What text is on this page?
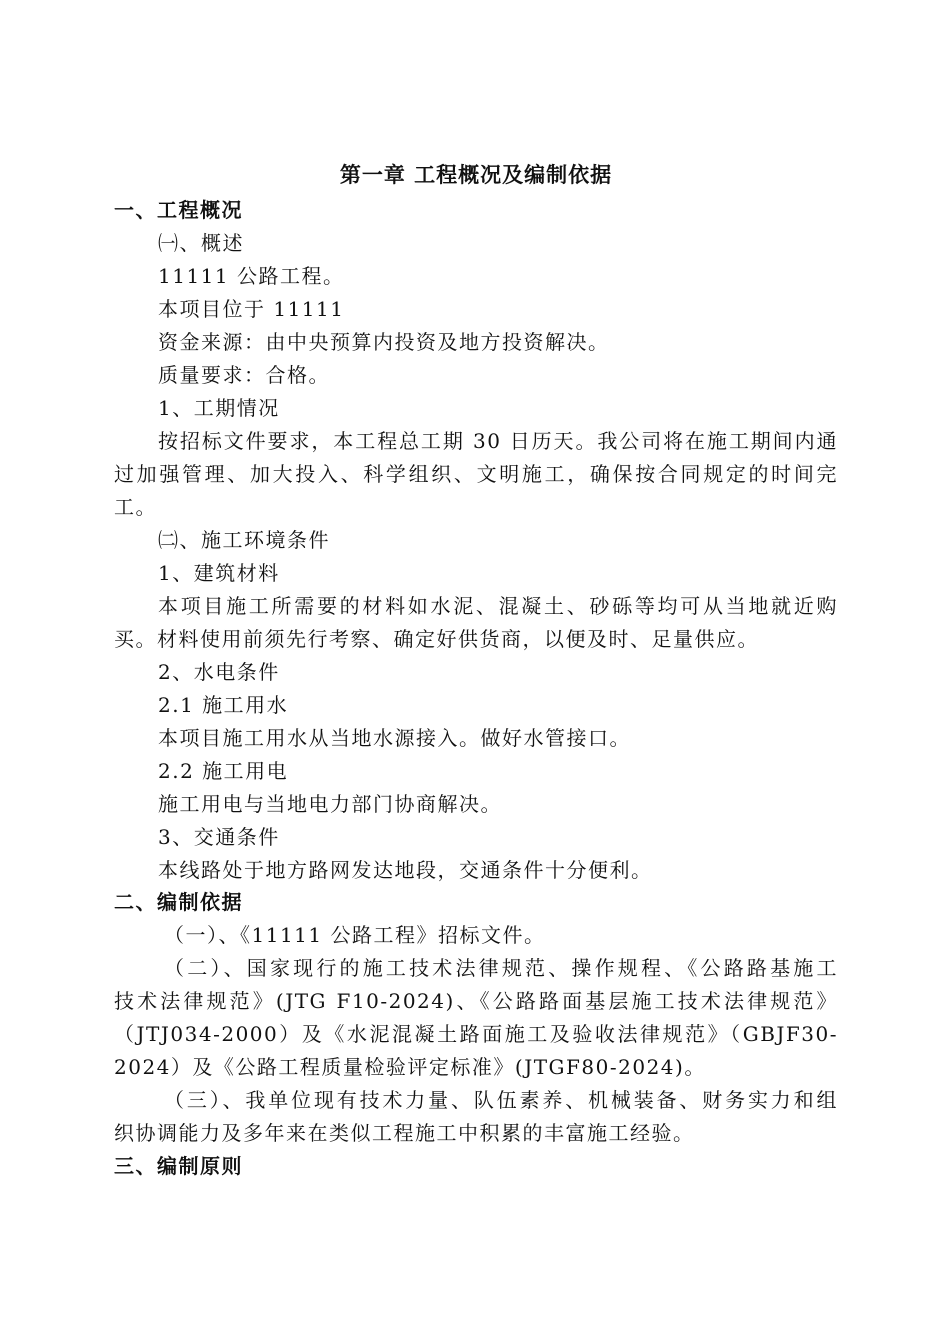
第一章 工程概况及编制依据
一、工程概况
㈠、概述
11111 公路工程。
本项目位于 11111
资金来源：由中央预算内投资及地方投资解决。
质量要求：合格。
1、工期情况
按招标文件要求，本工程总工期 30 日历天。我公司将在施工期间内通
过加强管理、加大投入、科学组织、文明施工，确保按合同规定的时间完
工。
㈡、施工环境条件
1、建筑材料
本项目施工所需要的材料如水泥、混凝土、砂砾等均可从当地就近购
买。材料使用前须先行考察、确定好供货商，以便及时、足量供应。
2、水电条件
2.1 施工用水
本项目施工用水从当地水源接入。做好水管接口。
2.2 施工用电
施工用电与当地电力部门协商解决。
3、交通条件
本线路处于地方路网发达地段，交通条件十分便利。
二、编制依据
（一）、《11111 公路工程》招标文件。
（二）、国家现行的施工技术法律规范、操作规程、《公路路基施工
技术法律规范》(JTG F10-2024)、《公路路面基层施工技术法律规范》
（JTJ034-2000）及《水泥混凝土路面施工及验收法律规范》（GBJF30-
2024）及《公路工程质量检验评定标准》(JTGF80-2024)。
（三）、我单位现有技术力量、队伍素养、机械装备、财务实力和组
织协调能力及多年来在类似工程施工中积累的丰富施工经验。
三、编制原则
